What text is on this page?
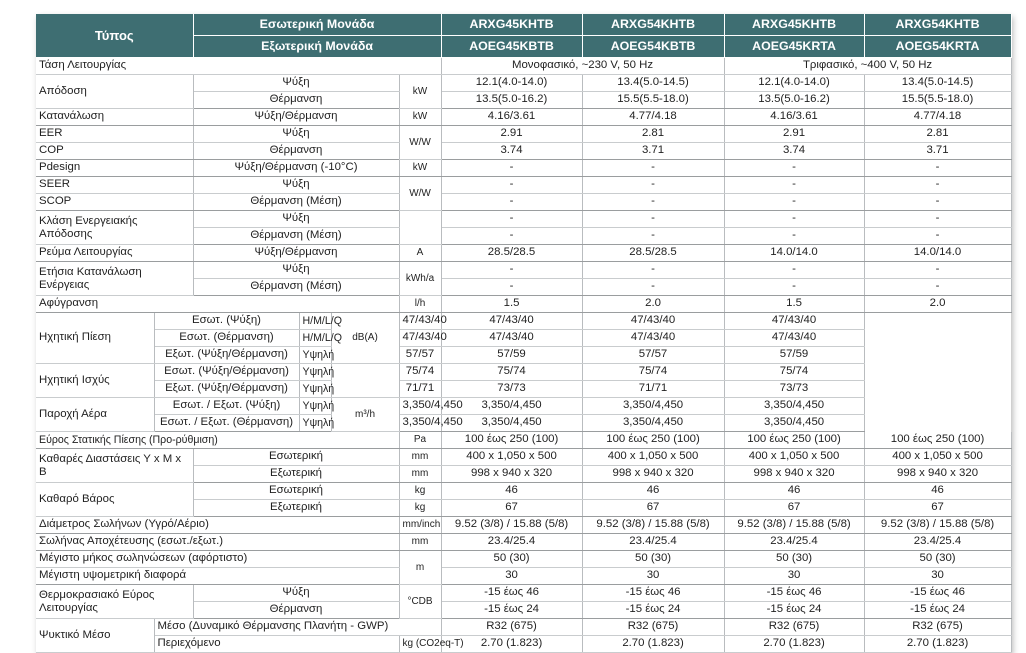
Τύπος		Εσωτερική Μονάδα				ARXG45KHTB	ARXG54KHTB	ARXG45KHTB	ARXG54KHTB
		Εξωτερική Μονάδα				AOEG45KBTB	AOEG54KBTB	AOEG45KRTA	AOEG54KRTA
Τάση Λειτουργίας						Μονοφασικό, ~230 V, 50 Hz		Τριφασικό, ~400 V, 50 Hz	
Απόδοση		Ψύξη			kW	12.1(4.0-14.0)	13.4(5.0-14.5)	12.1(4.0-14.0)	13.4(5.0-14.5)
		Θέρμανση				13.5(5.0-16.2)	15.5(5.5-18.0)	13.5(5.0-16.2)	15.5(5.5-18.0)
Κατανάλωση		Ψύξη/Θέρμανση			kW	4.16/3.61	4.77/4.18	4.16/3.61	4.77/4.18
EER		Ψύξη			W/W	2.91	2.81	2.91	2.81
COP		Θέρμανση				3.74	3.71	3.74	3.71
Pdesign		Ψύξη/Θέρμανση (-10°C)			kW	-	-	-	-
SEER		Ψύξη			W/W	-	-	-	-
SCOP		Θέρμανση (Μέση)				-	-	-	-
Κλάση Ενεργειακής Απόδοσης		Ψύξη				-	-	-	-
		Θέρμανση (Μέση)				-	-	-	-
Ρεύμα Λειτουργίας		Ψύξη/Θέρμανση			A	28.5/28.5	28.5/28.5	14.0/14.0	14.0/14.0
Ετήσια Κατανάλωση Ενέργειας		Ψύξη			kWh/a	-	-	-	-
		Θέρμανση (Μέση)				-	-	-	-
Αφύγρανση					l/h	1.5	2.0	1.5	2.0
Ηχητική Πίεση	Εσωτ. (Ψύξη)		H/M/L/Q	dB(A)	47/43/40	47/43/40	47/43/40	47/43/40	
	Εσωτ. (Θέρμανση)		H/M/L/Q		47/43/40	47/43/40	47/43/40	47/43/40	
	Εξωτ. (Ψύξη/Θέρμανση)		Υψηλή		57/57	57/59	57/57	57/59	
Ηχητική Ισχύς	Εσωτ. (Ψύξη/Θέρμανση)		Υψηλή		75/74	75/74	75/74	75/74	
	Εξωτ. (Ψύξη/Θέρμανση)		Υψηλή		71/71	73/73	71/71	73/73	
Παροχή Αέρα	Εσωτ. / Εξωτ. (Ψύξη)		Υψηλή	m³/h	3,350/4,450	3,350/4,450	3,350/4,450	3,350/4,450	
	Εσωτ. / Εξωτ. (Θέρμανση)		Υψηλή		3,350/4,450	3,350/4,450	3,350/4,450	3,350/4,450	
Εύρος Στατικής Πίεσης (Προ-ρύθμιση)					Pa	100 έως 250 (100)	100 έως 250 (100)	100 έως 250 (100)	100 έως 250 (100)
Καθαρές Διαστάσεις Υ x Μ x Β		Εσωτερική			mm	400 x 1,050 x 500	400 x 1,050 x 500	400 x 1,050 x 500	400 x 1,050 x 500
		Εξωτερική			mm	998 x 940 x 320	998 x 940 x 320	998 x 940 x 320	998 x 940 x 320
Καθαρό Βάρος		Εσωτερική			kg	46	46	46	46
		Εξωτερική			kg	67	67	67	67
Διάμετρος Σωλήνων (Υγρό/Αέριο)					mm/inch	9.52 (3/8) / 15.88 (5/8)	9.52 (3/8) / 15.88 (5/8)	9.52 (3/8) / 15.88 (5/8)	9.52 (3/8) / 15.88 (5/8)
Σωλήνας Αποχέτευσης (εσωτ./εξωτ.)					mm	23.4/25.4	23.4/25.4	23.4/25.4	23.4/25.4
Μέγιστο μήκος σωληνώσεων (αφόρτιστο)					m	50 (30)	50 (30)	50 (30)	50 (30)
Μέγιστη υψομετρική διαφορά						30	30	30	30
Θερμοκρασιακό Εύρος Λειτουργίας		Ψύξη			°CDB	-15 έως 46	-15 έως 46	-15 έως 46	-15 έως 46
		Θέρμανση				-15 έως 24	-15 έως 24	-15 έως 24	-15 έως 24
Ψυκτικό Μέσο	Μέσο (Δυναμικό Θέρμανσης Πλανήτη - GWP)					R32 (675)	R32 (675)	R32 (675)	R32 (675)
	Περιεχόμενο				kg (CO2eq-T)	2.70 (1.823)	2.70 (1.823)	2.70 (1.823)	2.70 (1.823)
